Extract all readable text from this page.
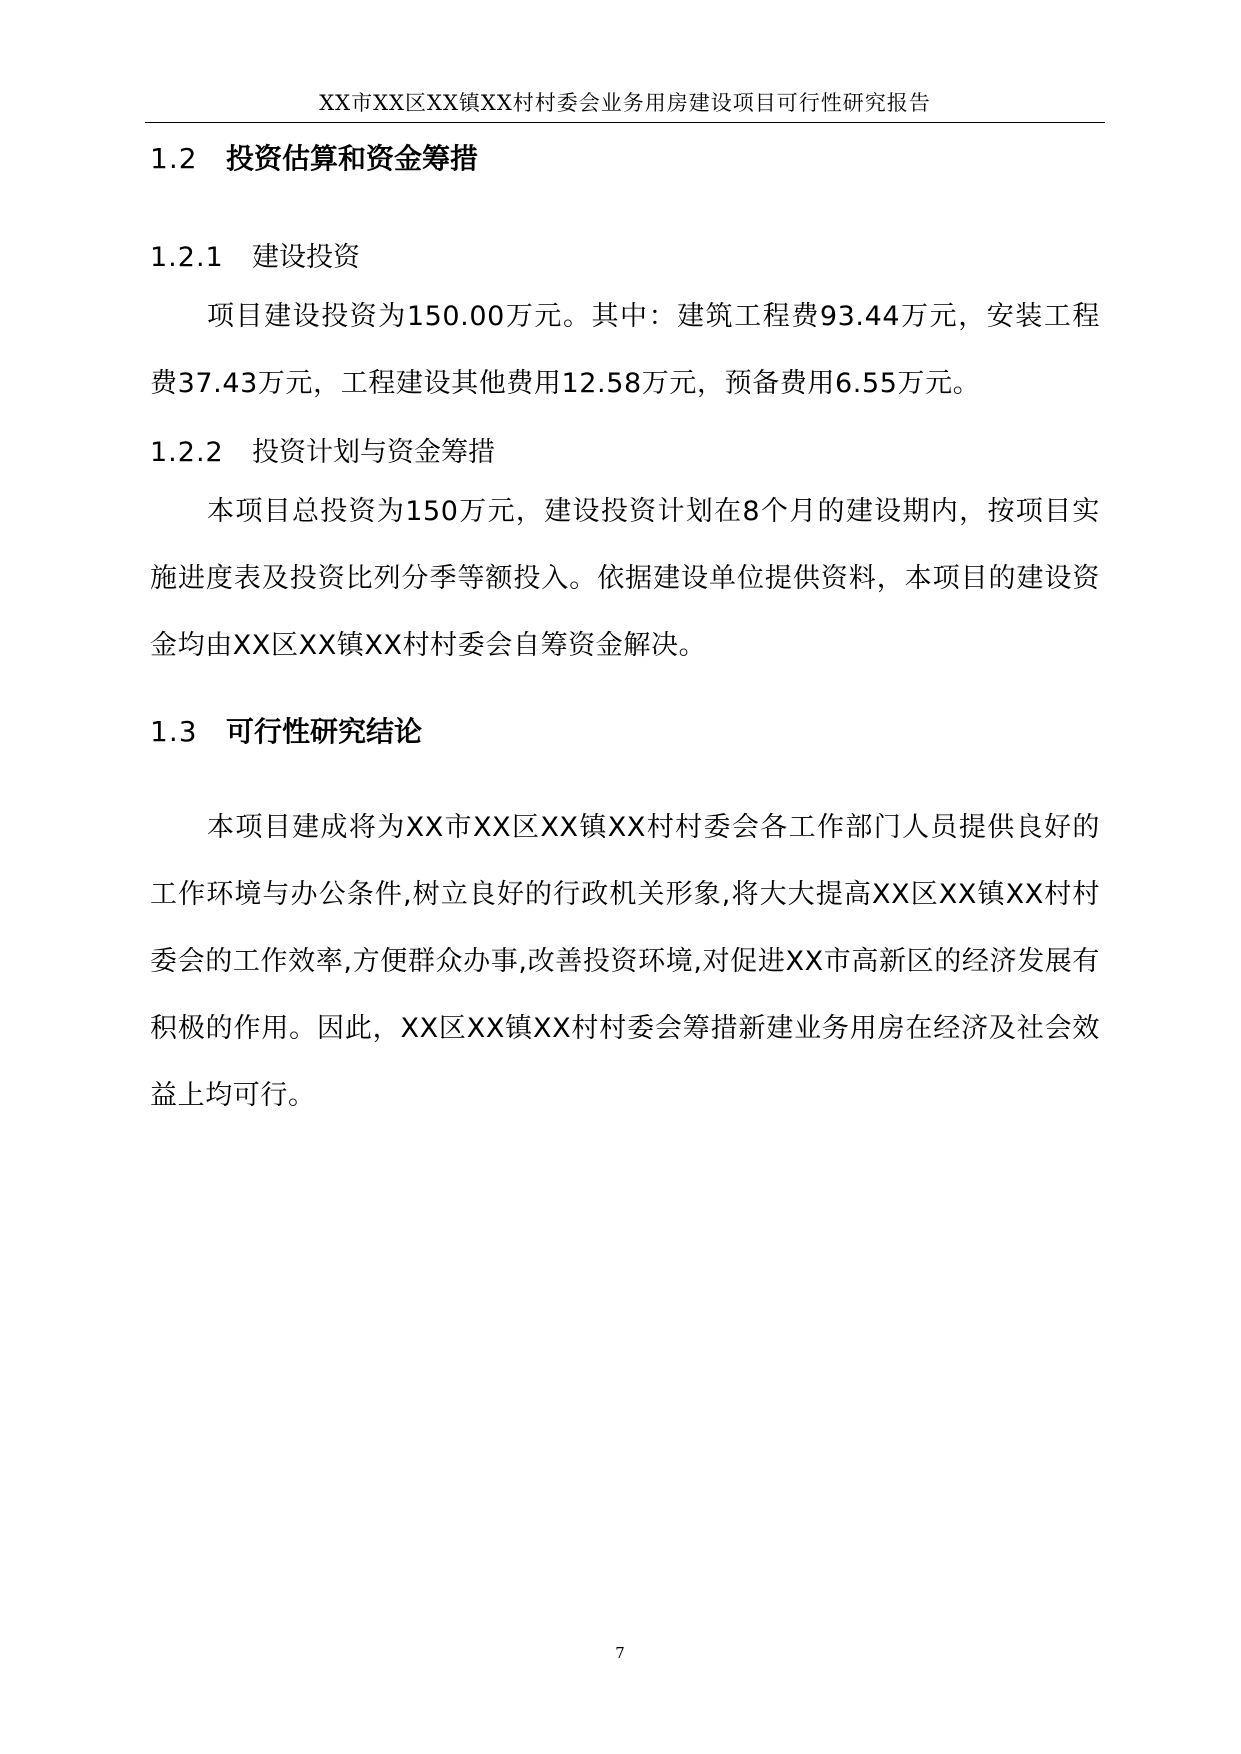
XX市XX区XX镇XX村村委会业务用房建设项目可行性研究报告
1.2 投资估算和资金筹措
1.2.1 建设投资

项目建设投资为150.00万元。其中：建筑工程费93.44万元，安装工程费37.43万元，工程建设其他费用12.58万元，预备费用6.55万元。

1.2.2 投资计划与资金筹措

本项目总投资为150万元，建设投资计划在8个月的建设期内，按项目实施进度表及投资比列分季等额投入。依据建设单位提供资料，本项目的建设资金均由XX区XX镇XX村村委会自筹资金解决。

1.3 可行性研究结论

本项目建成将为XX市XX区XX镇XX村村委会各工作部门人员提供良好的工作环境与办公条件,树立良好的行政机关形象,将大大提高XX区XX镇XX村村委会的工作效率,方便群众办事,改善投资环境,对促进XX市高新区的经济发展有积极的作用。因此，XX区XX镇XX村村委会筹措新建业务用房在经济及社会效益上均可行。

7
